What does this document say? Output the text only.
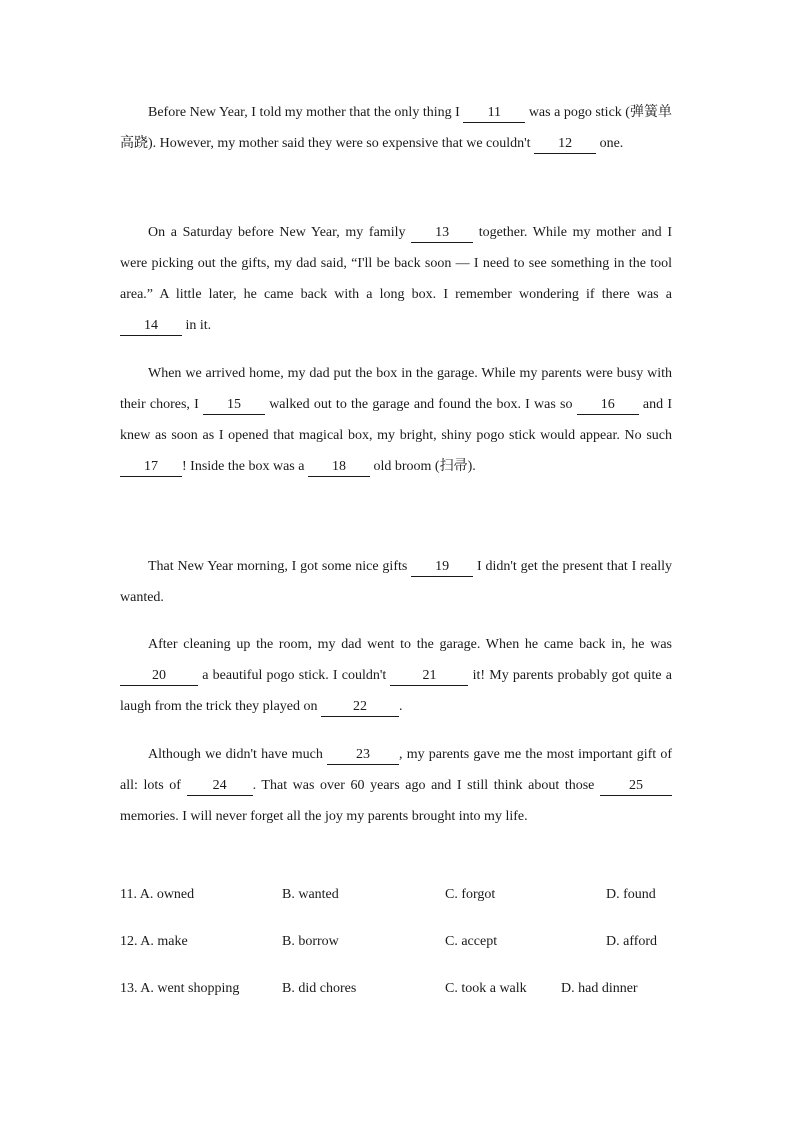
Before New Year, I told my mother that the only thing I 11 was a pogo stick (弹簧单高跷). However, my mother said they were so expensive that we couldn't 12 one.

On a Saturday before New Year, my family 13 together. While my mother and I were picking out the gifts, my dad said, “I'll be back soon — I need to see something in the tool area.” A little later, he came back with a long box. I remember wondering if there was a 14 in it.

When we arrived home, my dad put the box in the garage. While my parents were busy with their chores, I 15 walked out to the garage and found the box. I was so 16 and I knew as soon as I opened that magical box, my bright, shiny pogo stick would appear. No such 17 ! Inside the box was a 18 old broom (扫帚).

That New Year morning, I got some nice gifts 19 I didn't get the present that I really wanted.

After cleaning up the room, my dad went to the garage. When he came back in, he was 20 a beautiful pogo stick. I couldn't 21 it! My parents probably got quite a laugh from the trick they played on 22 .

Although we didn't have much 23 , my parents gave me the most important gift of all: lots of 24 . That was over 60 years ago and I still think about those 25 memories. I will never forget all the joy my parents brought into my life.

11. A. owned	B. wanted	C. forgot	D. found
12. A. make	B. borrow	C. accept	D. afford
13. A. went shopping	B. did chores	C. took a walk D. had dinner
